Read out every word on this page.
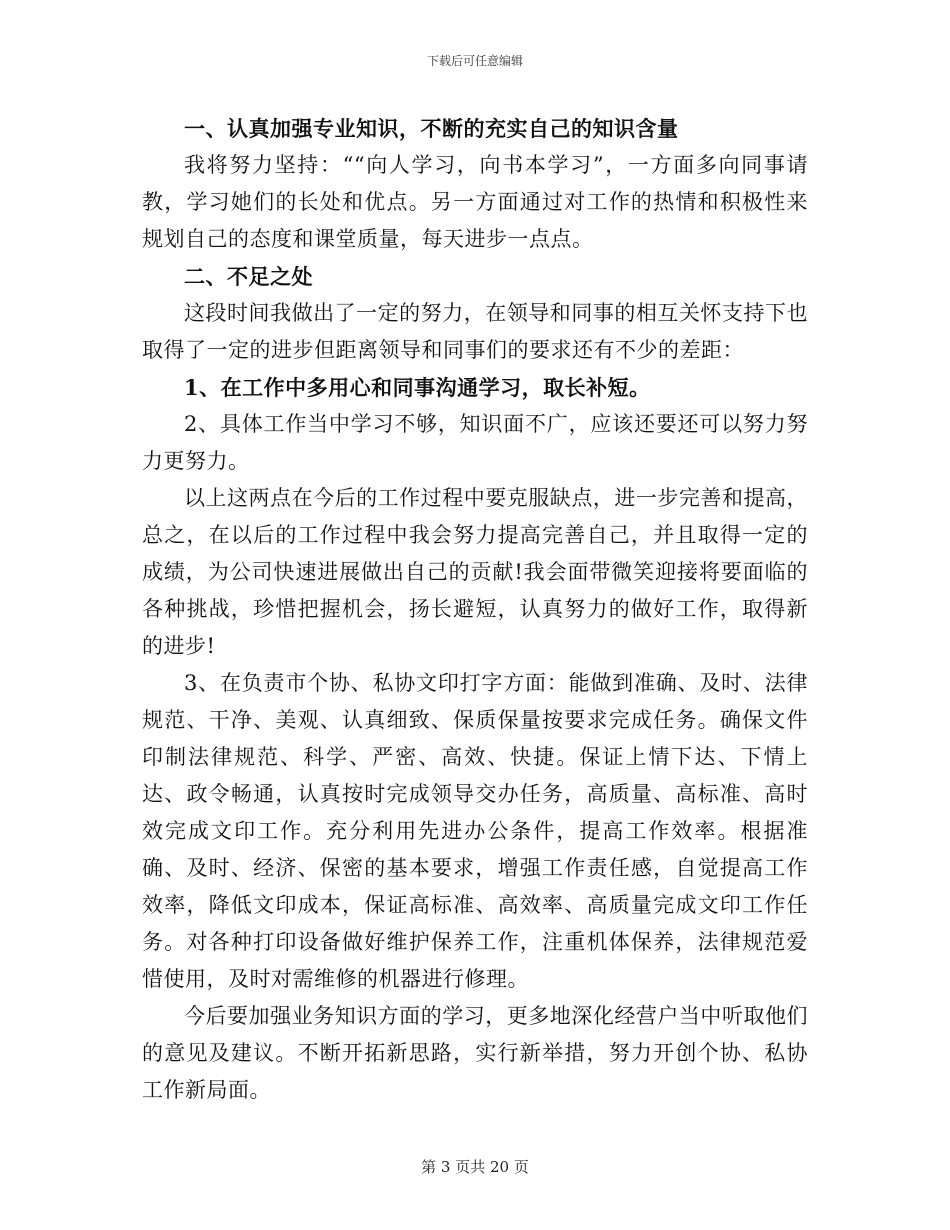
下载后可任意编辑

一、认真加强专业知识，不断的充实自己的知识含量

我将努力坚持：““向人学习，向书本学习”，一方面多向同事请教，学习她们的长处和优点。另一方面通过对工作的热情和积极性来规划自己的态度和课堂质量，每天进步一点点。

二、不足之处

这段时间我做出了一定的努力，在领导和同事的相互关怀支持下也取得了一定的进步但距离领导和同事们的要求还有不少的差距：

1、在工作中多用心和同事沟通学习，取长补短。

2、具体工作当中学习不够，知识面不广，应该还要还可以努力努力更努力。

以上这两点在今后的工作过程中要克服缺点，进一步完善和提高，总之，在以后的工作过程中我会努力提高完善自己，并且取得一定的成绩，为公司快速进展做出自己的贡献!我会面带微笑迎接将要面临的各种挑战，珍惜把握机会，扬长避短，认真努力的做好工作，取得新的进步!

3、在负责市个协、私协文印打字方面：能做到准确、及时、法律规范、干净、美观、认真细致、保质保量按要求完成任务。确保文件印制法律规范、科学、严密、高效、快捷。保证上情下达、下情上达、政令畅通，认真按时完成领导交办任务，高质量、高标准、高时效完成文印工作。充分利用先进办公条件，提高工作效率。根据准确、及时、经济、保密的基本要求，增强工作责任感，自觉提高工作效率，降低文印成本，保证高标准、高效率、高质量完成文印工作任务。对各种打印设备做好维护保养工作，注重机体保养，法律规范爱惜使用，及时对需维修的机器进行修理。

今后要加强业务知识方面的学习，更多地深化经营户当中听取他们的意见及建议。不断开拓新思路，实行新举措，努力开创个协、私协工作新局面。

第 3 页共 20 页
